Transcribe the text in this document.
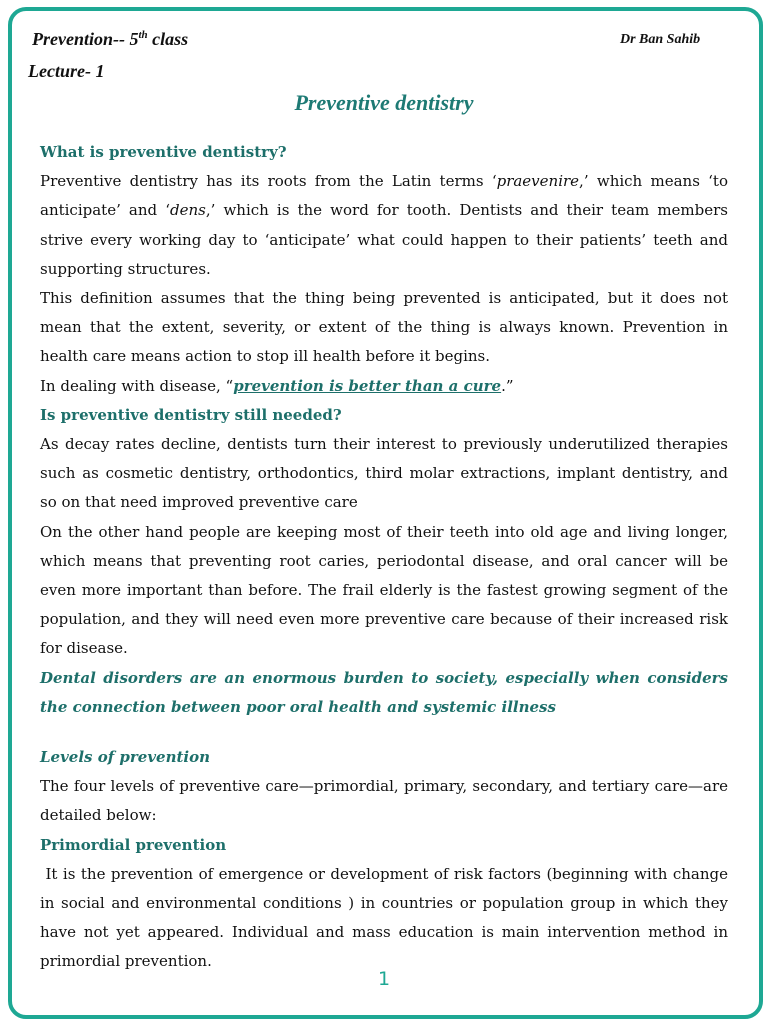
Prevention-- 5th class	Dr Ban Sahib
Lecture- 1
Preventive dentistry

What is preventive dentistry?

Preventive dentistry has its roots from the Latin terms ‘praevenire,’ which means ‘to anticipate’ and ‘dens,’ which is the word for tooth. Dentists and their team members strive every working day to ‘anticipate’ what could happen to their patients’ teeth and supporting structures.

This definition assumes that the thing being prevented is anticipated, but it does not mean that the extent, severity, or extent of the thing is always known. Prevention in health care means action to stop ill health before it begins.

In dealing with disease, “prevention is better than a cure.”

Is preventive dentistry still needed?

As decay rates decline, dentists turn their interest to previously underutilized therapies such as cosmetic dentistry, orthodontics, third molar extractions, implant dentistry, and so on that need improved preventive care

On the other hand people are keeping most of their teeth into old age and living longer, which means that preventing root caries, periodontal disease, and oral cancer will be even more important than before. The frail elderly is the fastest growing segment of the population, and they will need even more preventive care because of their increased risk for disease.

Dental disorders are an enormous burden to society, especially when considers the connection between poor oral health and systemic illness

Levels of prevention

The four levels of preventive care—primordial, primary, secondary, and tertiary care—are detailed below:

Primordial prevention

It is the prevention of emergence or development of risk factors (beginning with change in social and environmental conditions ) in countries or population group in which they have not yet appeared. Individual and mass education is main intervention method in primordial prevention.

1
